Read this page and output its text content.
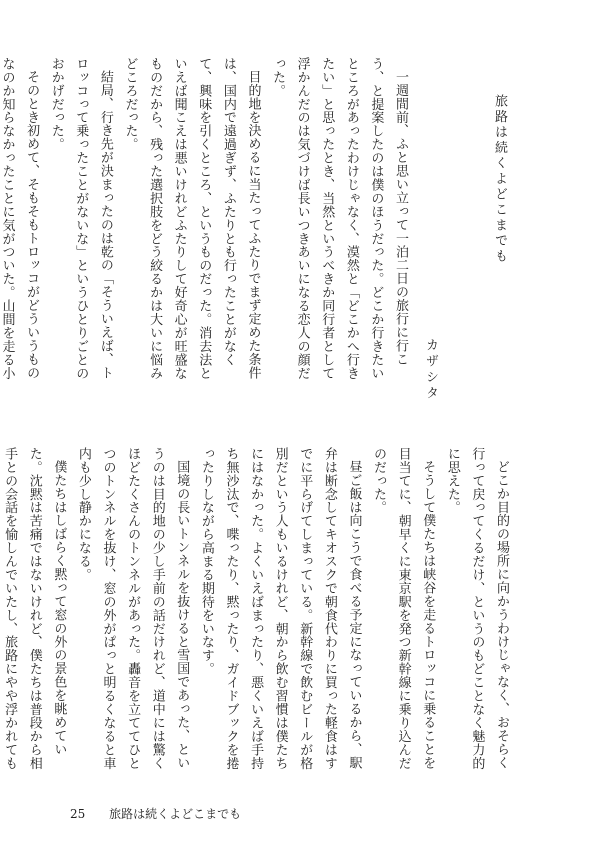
旅路は続くよどこまでも
カザシタ
一週間前、ふと思い立って一泊二日の旅行に行こう、と提案したのは僕のほうだった。どこか行きたいところがあったわけじゃなく、漠然と「どこかへ行きたい」と思ったとき、当然というべきか同行者として浮かんだのは気づけば長いつきあいになる恋人の顔だった。
目的地を決めるに当たってふたりでまず定めた条件は、国内で遠過ぎず、ふたりとも行ったことがなくて、興味を引くところ、というものだった。消去法といえば聞こえは悪いけれどふたりして好奇心が旺盛なものだから、残った選択肢をどう絞るかは大いに悩みどころだった。
結局、行き先が決まったのは乾の「そういえば、トロッコって乗ったことがないな」というひとりごとのおかげだった。
そのとき初めて、そもそもトロッコがどういうものなのか知らなかったことに気がついた。山間を走る小
どこか目的の場所に向かうわけじゃなく、おそらく行って戻ってくるだけ、というのもどことなく魅力的に思えた。
そうして僕たちは峡谷を走るトロッコに乗ることを目当てに、朝早くに東京駅を発つ新幹線に乗り込んだのだった。
昼ご飯は向こうで食べる予定になっているから、駅弁は断念してキオスクで朝食代わりに買った軽食はすでに平らげてしまっている。新幹線で飲むビールが格別だという人もいるけれど、朝から飲む習慣は僕たちにはなかった。よくいえばまったり、悪くいえば手持ち無沙汰で、喋ったり、黙ったり、ガイドブックを捲ったりしながら高まる期待をいなす。
国境の長いトンネルを抜けると雪国であった、というのは目的地の少し手前の話だけれど、道中には驚くほどたくさんのトンネルがあった。轟音を立ててひとつのトンネルを抜け、窓の外がぱっと明るくなると車内も少し静かになる。
僕たちはしばらく黙って窓の外の景色を眺めていた。沈黙は苦痛ではないけれど、僕たちは普段から相手との会話を愉しんでいたし、旅路にやや浮かれても
25 旅路は続くよどこまでも
